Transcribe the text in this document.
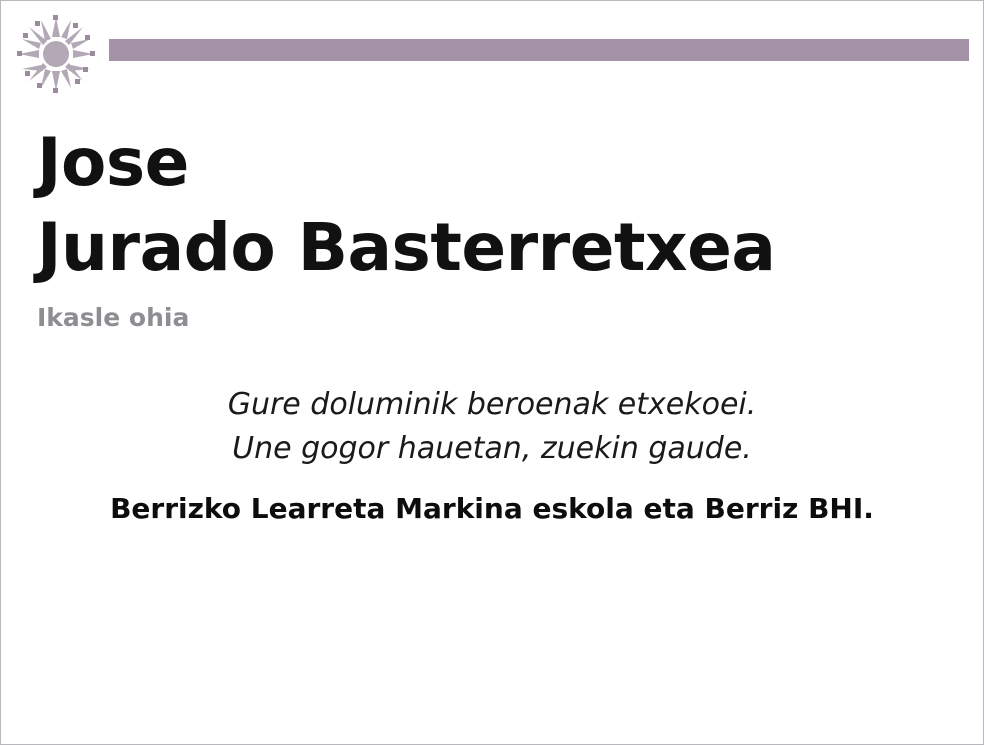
Jose
Jurado Basterretxea

Ikasle ohia

Gure doluminik beroenak etxekoei.
Une gogor hauetan, zuekin gaude.

Berrizko Learreta Markina eskola eta Berriz BHI.
